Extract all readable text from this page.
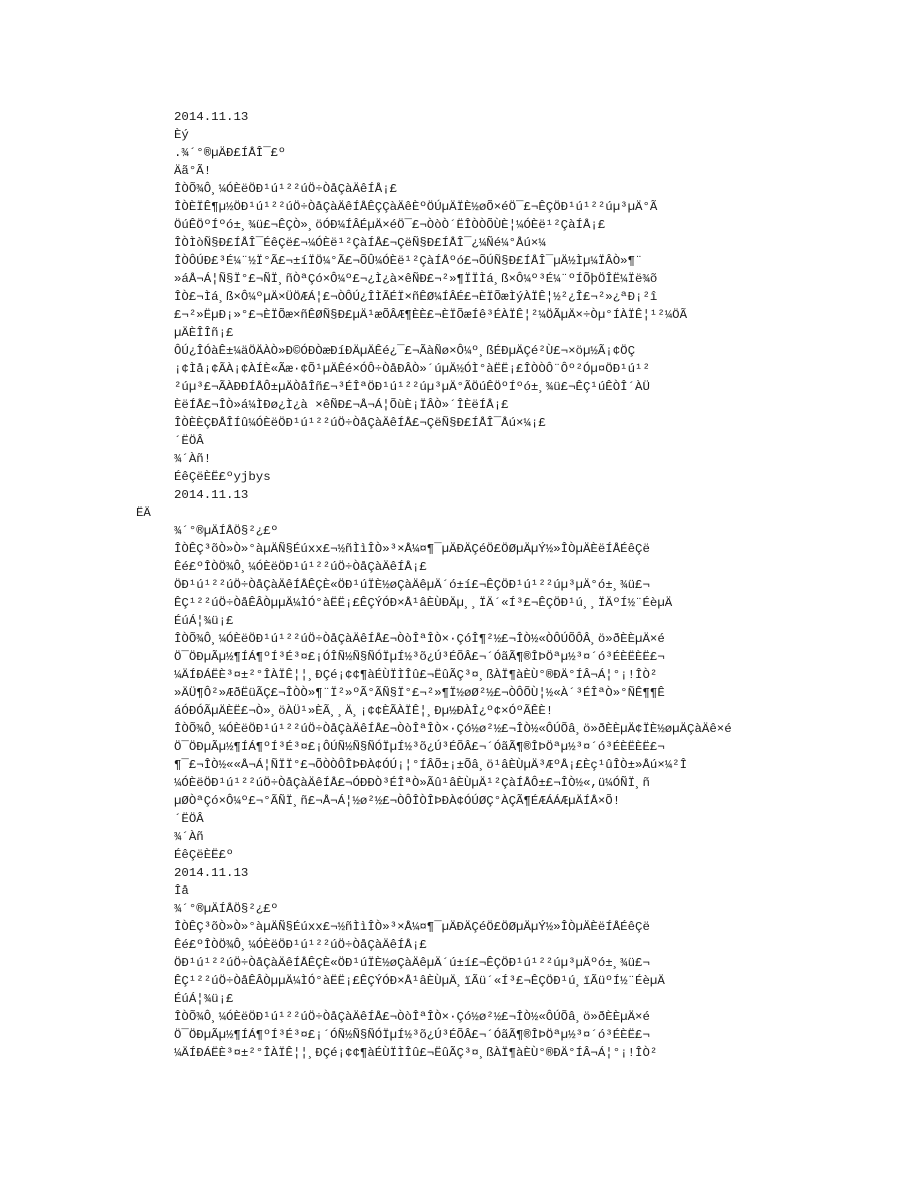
2014.11.13

Èý

.¾´°®µÄÐ£ÍÅÎ¯£º

Äã°Ã!

ÎÒÕ¾Ô¸¼ÓÈëÖÐ¹ú¹²²úÖ÷ÒåÇàÄêÍÅ¡£

ÎÒÈÏÊ¶µ½ÖÐ¹ú¹²²úÖ÷ÒåÇàÄêÍÅÊÇÇàÄêÈºÖÚµÄÏÈ½øÕ×éÖ¯£¬ÊÇÖÐ¹ú¹²²úµ³µÄ°Ã

ÖúÊÖºÍºó±¸¾ü£¬ÊÇÒ»¸öÓÐ¼ÍÂÉµÄ×éÖ¯£¬ÒòÒ´ËÎÒÒÕÙÈ¦¼ÓÈë¹²ÇàÍÅ¡£

ÎÒÌòÑ§Ð£ÍÅÎ¯ÉêÇë£¬¼ÓÈë¹²ÇàÍÅ£¬ÇëÑ§Ð£ÍÅÎ¯¿¼Ñé¼°Åú×¼

ÎÒÔÚÐ£³É¼¨½Ï°Ã£¬±íÏÖ¼°Ã£¬ÕÛ¼ÓÈë¹²ÇàÍÅºó£¬ÕÚÑ§Ð£ÍÅÎ¯µÄ½Ìµ¼ÏÂÒ»¶¨

»áÅ¬Á¦Ñ§Ï°£¬ÑÏ¸ñÒªÇó×Ô¼º£¬¿Ì¿à×êÑÐ£¬²»¶ÏÏÌá¸ß×Ô¼º³É¼¨ºÍÕþÖÎË¼Ïë¾õ

ÎÒ£¬Ìá¸ß×Ô¼ºµÄ×ÜÖÆÁ¦£¬ÒÔÚ¿ÎÌÃÉÏ×ñÊØ¼ÍÂÉ£¬ÈÏÕæÌýÀÏÊ¦½²¿Î£¬²»¿ªÐ¡²î

£¬²»ËµÐ¡»°£¬ÈÏÕæ×ñÊØÑ§Ð£µÄ¹æÕÂÆ¶ÈÈ£¬ÈÏÕæÍê³ÉÀÏÊ¦²¼ÖÃµÄ×÷Òµ°ÍÀÏÊ¦¹²¼ÖÃ

µÄÈÎÎñ¡£

ÔÚ¿ÎÓàÊ±¼äÖÄÀÒ»Ð©ÓÐÒæÐíÐÄµÄÊé¿¯£¬ÃàÑø×Ô¼º¸ßÉÐµÄÇé²Ù£¬×öµ½Ã¡¢ÖÇ

¡¢Ìå¡¢ÃÀ¡¢ÀÍÈ«Ãæ·¢Õ¹µÄÊé×ÓÔ÷ÒåÐÂÒ»´úµÄ½ÓÌ°àËË¡£ÎÒÒÔ¨Ôº²Óµ¤ÖÐ¹ú¹²

²úµ³£¬ÃÀÐÐÍÅÔ±µÄÒåÎñ£¬³ÉÎªÖÐ¹ú¹²²úµ³µÄ°ÃÖúÊÖºÍºó±¸¾ü£¬ÊÇ¹úÊÒÎ´ÀÜ

ÈëÍÅ£¬ÎÒ»á¼ÌÐø¿Ì¿à ×êÑÐ£¬Å¬Á¦ÕùÈ¡ÏÂÒ»´ÎÈëÍÅ¡£

ÎÒÈÈÇÐÅÎÍû¼ÓÈëÖÐ¹ú¹²²úÖ÷ÒåÇàÄêÍÅ£¬ÇëÑ§Ð£ÍÅÎ¯Åú×¼¡£

´ËÖÂ

¾´Àñ!

ÉêÇëÈË£ºyjbys

2014.11.13

ËÄ

¾´°®µÄÍÅÖ§²¿£º

ÎÒÊÇ³õÒ»Ò»°àµÄÑ§Éúxx£¬½ñÌìÎÒ»³×Å¼¤¶¯µÄÐÄÇéÖ£ÖØµÄµÝ½»ÎÒµÄÈëÍÅÉêÇë

Êé£ºÎÒÖ¾Ô¸¼ÓÈëÖÐ¹ú¹²²úÖ÷ÒåÇàÄêÍÅ¡£

ÖÐ¹ú¹²²úÖ÷ÒåÇàÄêÍÅÊÇÈ«ÖÐ¹úÏÈ½øÇàÄêµÄ´ó±í£¬ÊÇÖÐ¹ú¹²²úµ³µÄ°ó±¸¾ü£¬

ÊÇ¹²²úÖ÷ÒåÊÂÒµµÄ¼ÌÓ°àËË¡£ÊÇÝÓÐ×Å¹âÈÙÐÄµ¸¸ÏÄ´«Í³£¬ÊÇÖÐ¹ú¸¸ÏÄºÍ½¨ÉèµÄ

ÉúÁ¦¾ü¡£

ÎÒÕ¾Ô¸¼ÓÈëÖÐ¹ú¹²²úÖ÷ÒåÇàÄêÍÅ£¬ÒòÎªÎÒ×·ÇóÎ¶²½£¬ÎÒ½«ÒÔÚÕÔÂ¸ö»ðÈÈµÄ×é

Ö¯ÖÐµÃµ½¶ÍÁ¶ºÍ³É³¤£¡ÓÎÑ½Ñ§ÑÓÏµÍ½³õ¿Ú³ÉÕÂ£¬´ÓãÃ¶®ÎÞÖªµ½³¤´ó³ÉÈËÈË£¬

¼ÄÍÐÁËÈ³¤±²°ÎÀÏÊ¦¦¸ÐÇé¡¢¢¶àÉÙÏÌÎû£¬ËûÃÇ³¤¸ßÀÏ¶àÈÙ°®ÐÄ°ÍÂ¬Á¦°¡!ÎÒ²

»ÄÜ¶Ô²»ÆðËüÃÇ£¬ÎÒÒ»¶¨Ï²»ºÃ°ÃÑ§Ï°£¬²»¶Ï½øØ²½£¬ÒÔÕÙ¦½«À´³ÉÎªÒ»°ÑÊ¶¶Ê

áÓÐÓÃµÄÈË£¬Ò»¸öÀÜ¹»ÈÃ¸¸Ä¸¡¢¢ÈÃÀÏÊ¦¸Ðµ½ÐÀÎ¿º¢×ÓºÃÊÈ!

ÎÒÕ¾Ô¸¼ÓÈëÖÐ¹ú¹²²úÖ÷ÒåÇàÄêÍÅ£¬ÒòÎªÎÒ×·Çó½ø²½£¬ÎÒ½«ÔÚÕâ¸ö»ðÈÈµÄ¢ÏÈ½øµÄÇàÄê×é

Ö¯ÖÐµÃµ½¶ÍÁ¶ºÍ³É³¤£¡ÔÚÑ½Ñ§ÑÓÏµÍ½³õ¿Ú³ÉÕÂ£¬´ÓãÃ¶®ÎÞÖªµ½³¤´ó³ÉÈËÈË£¬

¶¯£¬ÎÒ½««Å¬Á¦ÑÏÏ°£¬ÕÒÒÔÎÞÐÀ¢ÓÚ¡¦°ÍÂÕ±¡±Õâ¸ö¹âÈÙµÄ³ÆºÅ¡£Èç¹ûÎÒ±»Åú×¼²Î

¼ÓÈëÖÐ¹ú¹²²úÖ÷ÒåÇàÄêÍÅ£¬ÓÐÐÒ³ÉÎªÒ»Ãû¹âÈÙµÄ¹²ÇàÍÅÔ±£¬ÎÒ½«,ü¼ÓÑÏ¸ñ

µØÒªÇó×Ô¼º£¬°ÃÑÏ¸ñ£¬Å¬Á¦½ø²½£¬ÒÔÎÒÎÞÐÀ¢ÓÚØÇ°ÀÇÃ¶ÉÆÁÁÆµÄÍÅ×Õ!

´ËÖÂ

¾´Àñ

ÉêÇëÈË£º

2014.11.13

Îå

¾´°®µÄÍÅÖ§²¿£º

ÎÒÊÇ³õÒ»Ò»°àµÄÑ§Éúxx£¬½ñÌìÎÒ»³×Å¼¤¶¯µÄÐÄÇéÖ£ÖØµÄµÝ½»ÎÒµÄÈëÍÅÉêÇë

Êé£ºÎÒÖ¾Ô¸¼ÓÈëÖÐ¹ú¹²²úÖ÷ÒåÇàÄêÍÅ¡£

ÖÐ¹ú¹²²úÖ÷ÒåÇàÄêÍÅÊÇÈ«ÖÐ¹úÏÈ½øÇàÄêµÄ´ú±í£¬ÊÇÖÐ¹ú¹²²úµ³µÄºó±¸¾ü£¬

ÊÇ¹²²úÖ÷ÒåÊÂÒµµÄ¼ÌÓ°àËË¡£ÊÇÝÓÐ×Å¹âÈÙµÄ¸ïÃü´«Í³£¬ÊÇÖÐ¹ú¸ïÃüºÍ½¨ÉèµÄ

ÉúÁ¦¾ü¡£

ÎÒÕ¾Ô¸¼ÓÈëÖÐ¹ú¹²²úÖ÷ÒåÇàÄêÍÅ£¬ÒòÎªÎÒ×·Çó½ø²½£¬ÎÒ½«ÔÚÕâ¸ö»ðÈÈµÄ×é

Ö¯ÖÐµÃµ½¶ÍÁ¶ºÍ³É³¤£¡´ÓÑ½Ñ§ÑÓÏµÍ½³õ¿Ú³ÉÕÂ£¬´ÓãÃ¶®ÎÞÖªµ½³¤´ó³ÉÈË£¬

¼ÄÍÐÁËÈ³¤±²°ÎÀÏÊ¦¦¸ÐÇé¡¢¢¶àÉÙÏÌÎû£¬ËûÃÇ³¤¸ßÀÏ¶àÈÙ°®ÐÄ°ÍÂ¬Á¦°¡!ÎÒ²
